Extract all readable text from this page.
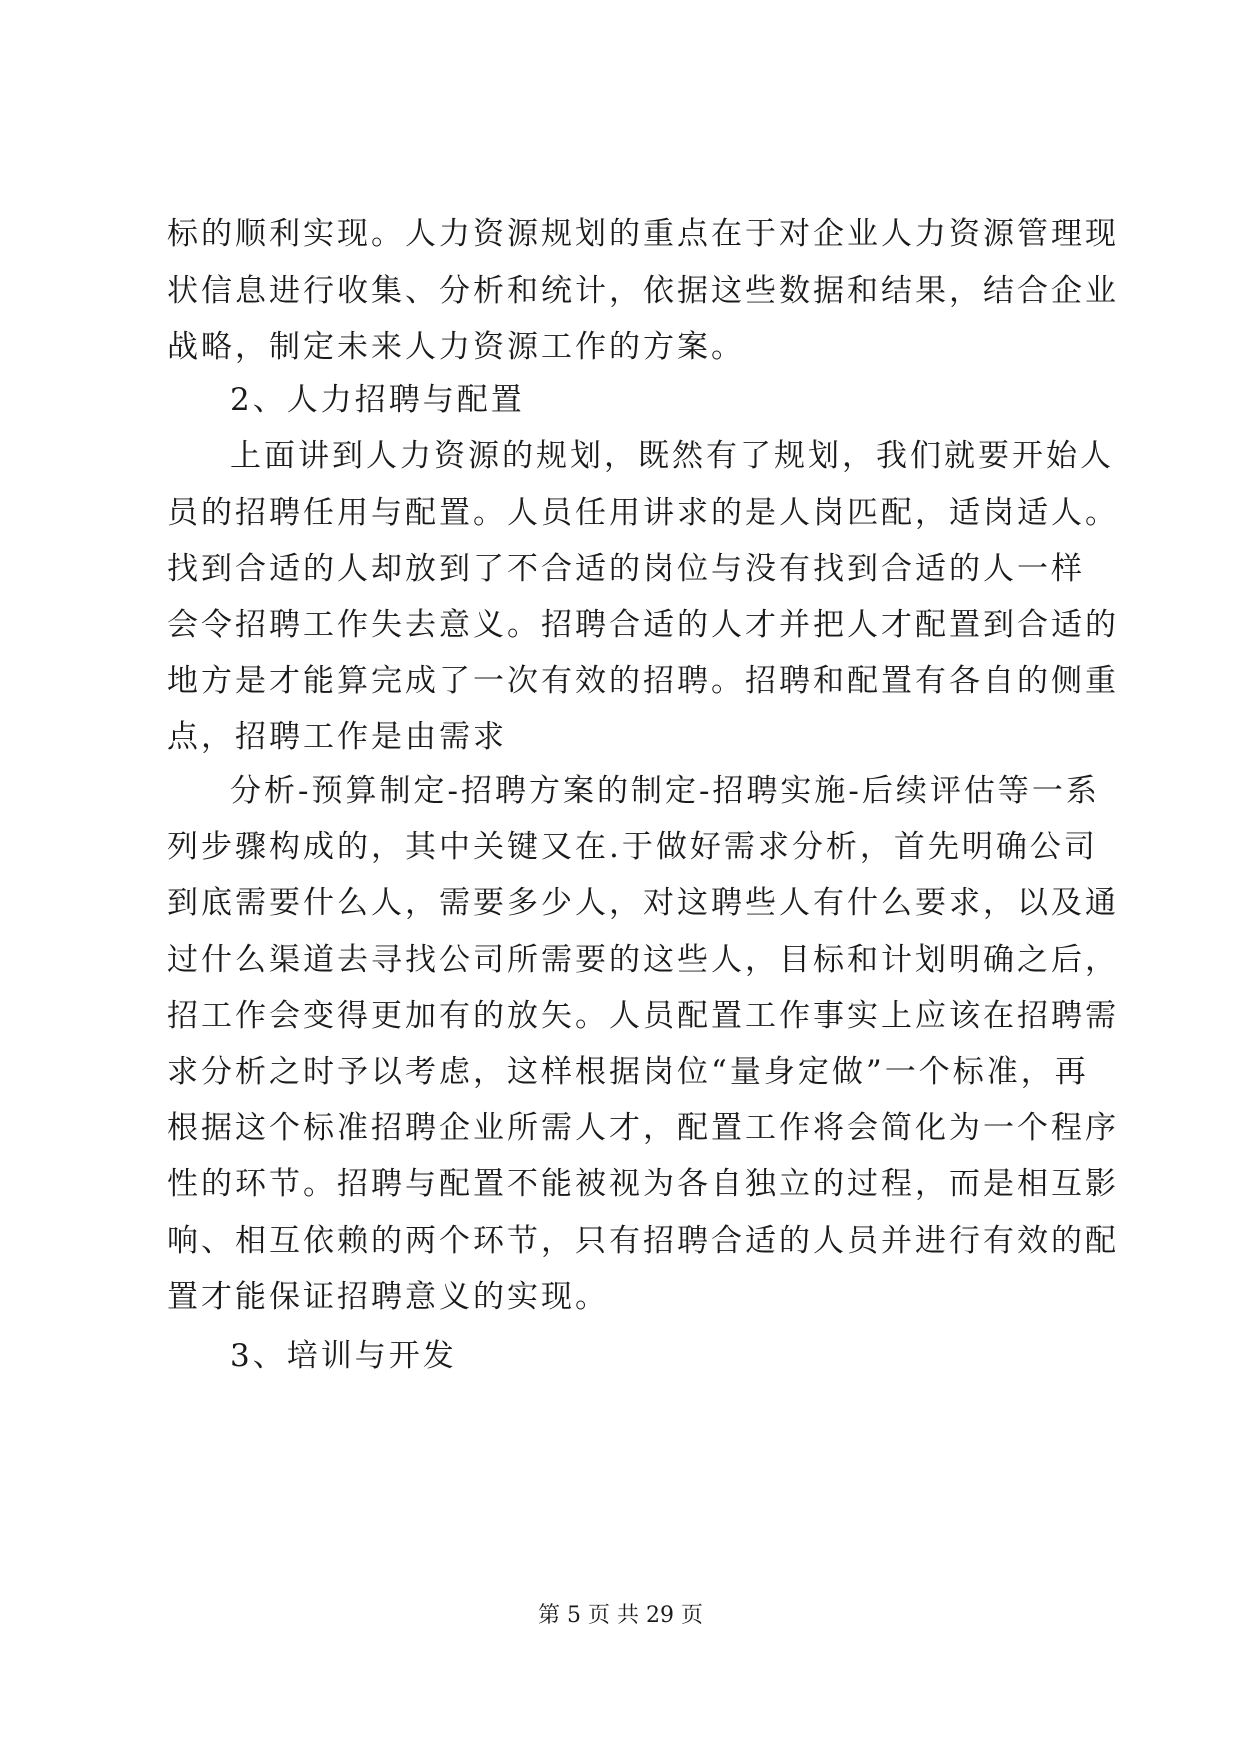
标的顺利实现。人力资源规划的重点在于对企业人力资源管理现
状信息进行收集、分析和统计，依据这些数据和结果，结合企业
战略，制定未来人力资源工作的方案。
2、人力招聘与配置
上面讲到人力资源的规划，既然有了规划，我们就要开始人
员的招聘任用与配置。人员任用讲求的是人岗匹配，适岗适人。
找到合适的人却放到了不合适的岗位与没有找到合适的人一样
会令招聘工作失去意义。招聘合适的人才并把人才配置到合适的
地方是才能算完成了一次有效的招聘。招聘和配置有各自的侧重
点，招聘工作是由需求
分析-预算制定-招聘方案的制定-招聘实施-后续评估等一系
列步骤构成的，其中关键又在.于做好需求分析，首先明确公司
到底需要什么人，需要多少人，对这聘些人有什么要求，以及通
过什么渠道去寻找公司所需要的这些人，目标和计划明确之后，
招工作会变得更加有的放矢。人员配置工作事实上应该在招聘需
求分析之时予以考虑，这样根据岗位“量身定做”一个标准，再
根据这个标准招聘企业所需人才，配置工作将会简化为一个程序
性的环节。招聘与配置不能被视为各自独立的过程，而是相互影
响、相互依赖的两个环节，只有招聘合适的人员并进行有效的配
置才能保证招聘意义的实现。
3、培训与开发
第 5 页 共 29 页
